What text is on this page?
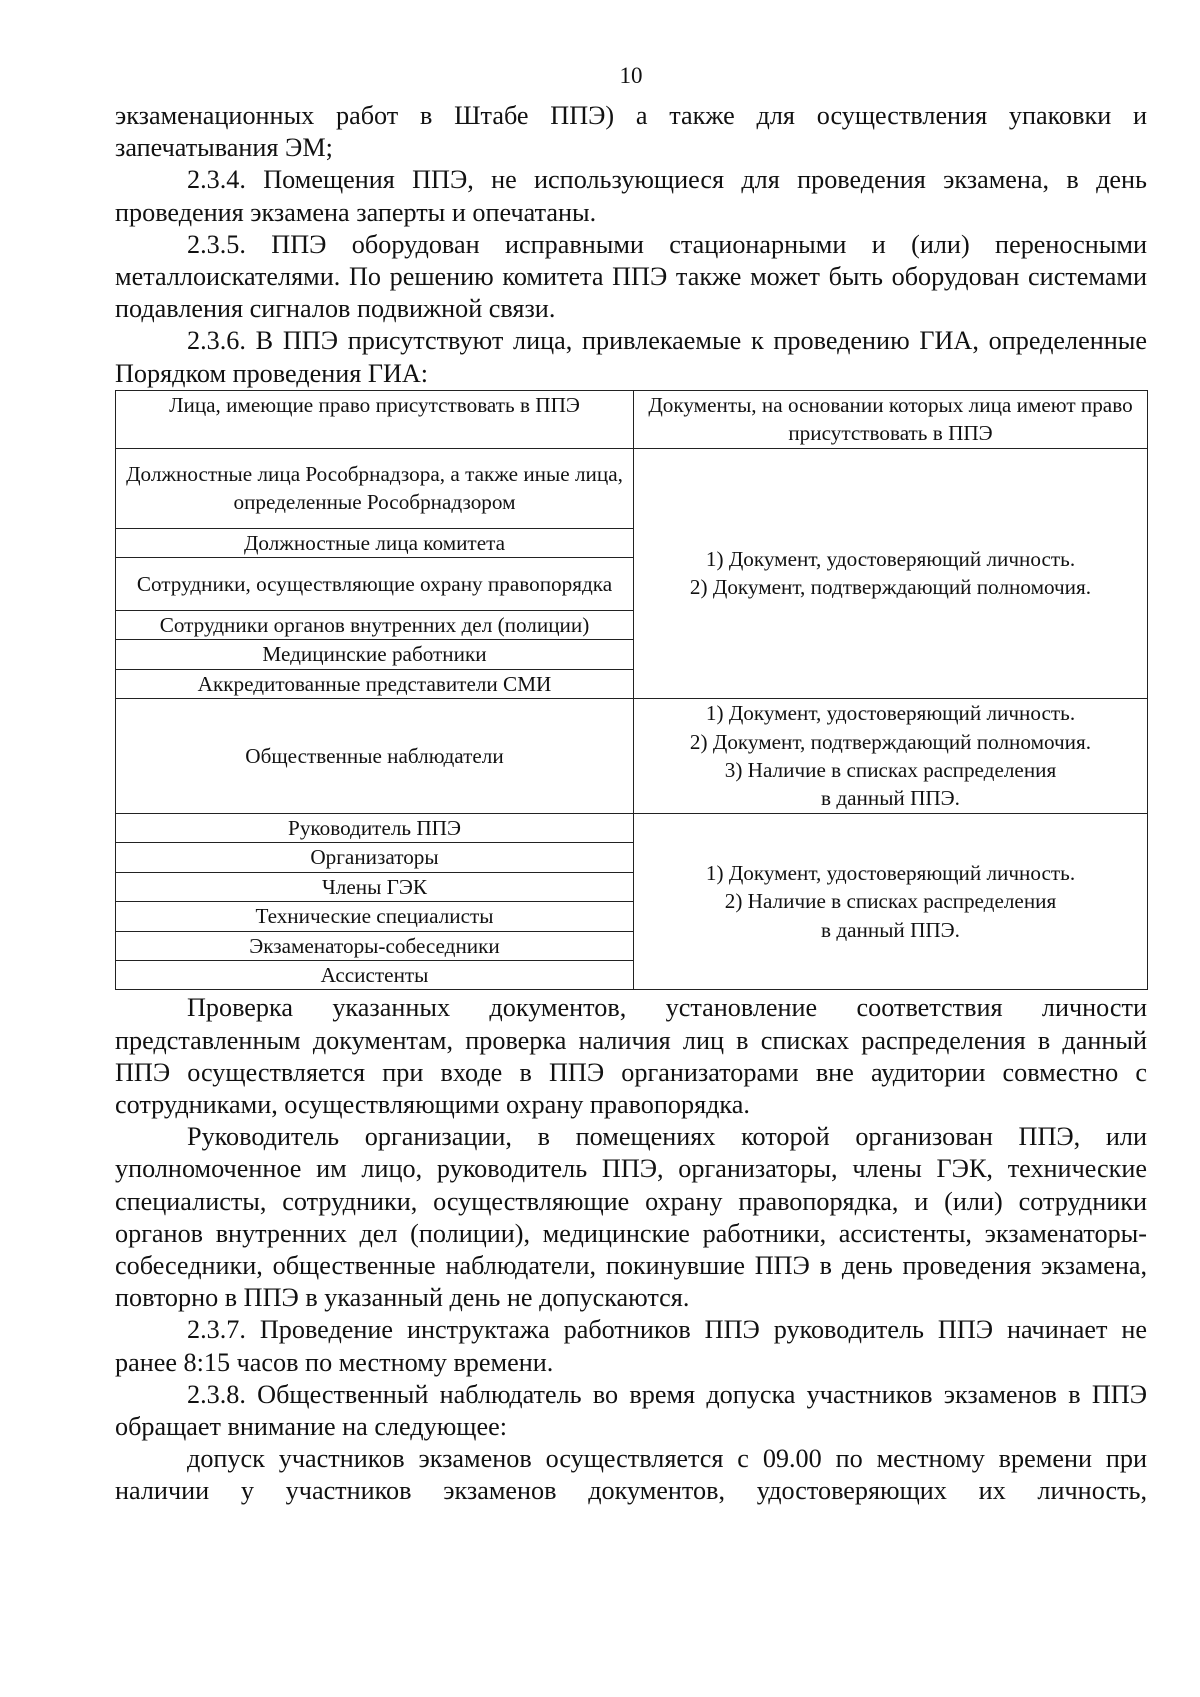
10

экзаменационных работ в Штабе ППЭ) а также для осуществления упаковки и запечатывания ЭМ;

2.3.4. Помещения ППЭ, не использующиеся для проведения экзамена, в день проведения экзамена заперты и опечатаны.

2.3.5. ППЭ оборудован исправными стационарными и (или) переносными металлоискателями. По решению комитета ППЭ также может быть оборудован системами подавления сигналов подвижной связи.

2.3.6. В ППЭ присутствуют лица, привлекаемые к проведению ГИА, определенные Порядком проведения ГИА:

Лица, имеющие право присутствовать в ППЭ	Документы, на основании которых лица имеют право присутствовать в ППЭ
Должностные лица Рособрнадзора, а также иные лица, определенные Рособрнадзором	1) Документ, удостоверяющий личность.
2) Документ, подтверждающий полномочия.

Должностные лица комитета	
Сотрудники, осуществляющие охрану правопорядка	
Сотрудники органов внутренних дел (полиции)	
Медицинские работники	
Аккредитованные представители СМИ	
Общественные наблюдатели	1) Документ, удостоверяющий личность.
2) Документ, подтверждающий полномочия.
3) Наличие в списках распределения
в данный ППЭ.

Руководитель ППЭ	1) Документ, удостоверяющий личность.
2) Наличие в списках распределения
в данный ППЭ.

Организаторы	
Члены ГЭК	
Технические специалисты	
Экзаменаторы-собеседники	
Ассистенты	

Проверка указанных документов, установление соответствия личности представленным документам, проверка наличия лиц в списках распределения в данный ППЭ осуществляется при входе в ППЭ организаторами вне аудитории совместно с сотрудниками, осуществляющими охрану правопорядка.

Руководитель организации, в помещениях которой организован ППЭ, или уполномоченное им лицо, руководитель ППЭ, организаторы, члены ГЭК, технические специалисты, сотрудники, осуществляющие охрану правопорядка, и (или) сотрудники органов внутренних дел (полиции), медицинские работники, ассистенты, экзаменаторы-собеседники, общественные наблюдатели, покинувшие ППЭ в день проведения экзамена, повторно в ППЭ в указанный день не допускаются.

2.3.7. Проведение инструктажа работников ППЭ руководитель ППЭ начинает не ранее 8:15 часов по местному времени.

2.3.8. Общественный наблюдатель во время допуска участников экзаменов в ППЭ обращает внимание на следующее:

допуск участников экзаменов осуществляется с 09.00 по местному времени при наличии у участников экзаменов документов, удостоверяющих их личность,
